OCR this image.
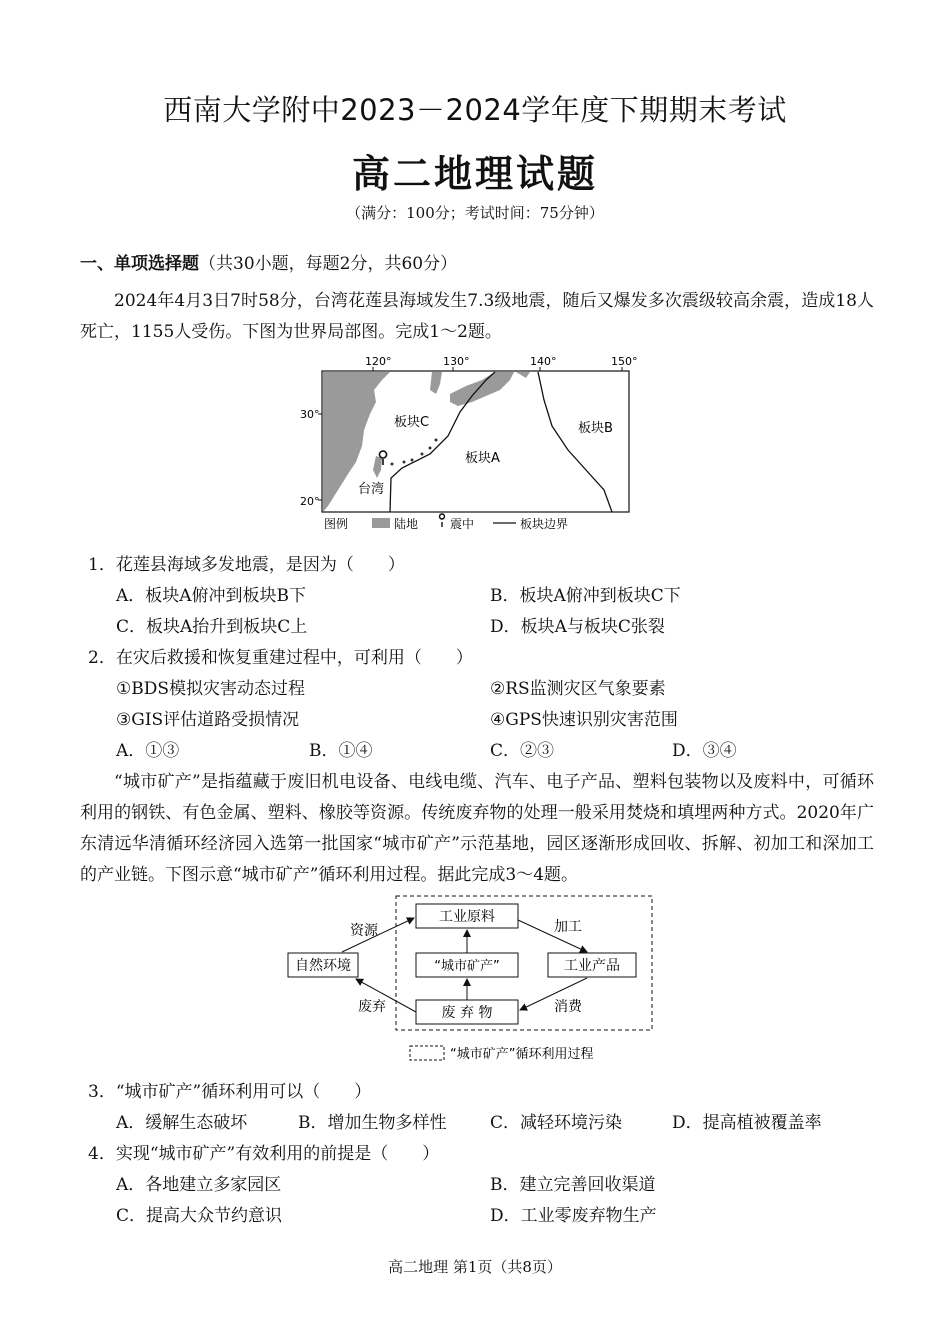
西南大学附中2023－2024学年度下期期末考试
高二地理试题
（满分：100分；考试时间：75分钟）
一、单项选择题（共30小题，每题2分，共60分）
2024年4月3日7时58分，台湾花莲县海域发生7.3级地震，随后又爆发多次震级较高余震，造成18人死亡，1155人受伤。下图为世界局部图。完成1～2题。
120°	130°	140°	150°
30°
20°
板块C	板块B
板块A
台湾
图例	陆地	震中	板块边界
1．花莲县海域多发地震，是因为（　　）
A．板块A俯冲到板块B下	B．板块A俯冲到板块C下
C．板块A抬升到板块C上	D．板块A与板块C张裂
2．在灾后救援和恢复重建过程中，可利用（　　）
①BDS模拟灾害动态过程	②RS监测灾区气象要素
③GIS评估道路受损情况	④GPS快速识别灾害范围
A．①③	B．①④	C．②③	D．③④
“城市矿产”是指蕴藏于废旧机电设备、电线电缆、汽车、电子产品、塑料包装物以及废料中，可循环利用的钢铁、有色金属、塑料、橡胶等资源。传统废弃物的处理一般采用焚烧和填埋两种方式。2020年广东清远华清循环经济园入选第一批国家“城市矿产”示范基地，园区逐渐形成回收、拆解、初加工和深加工的产业链。下图示意“城市矿产”循环利用过程。据此完成3～4题。
工业原料
“城市矿产”
废 弃 物
工业产品
自然环境
资源
废弃
加工
消费
“城市矿产”循环利用过程
3．“城市矿产”循环利用可以（　　）
A．缓解生态破坏	B．增加生物多样性	C．减轻环境污染	D．提高植被覆盖率
4．实现“城市矿产”有效利用的前提是（　　）
A．各地建立多家园区	B．建立完善回收渠道
C．提高大众节约意识	D．工业零废弃物生产
高二地理 第1页（共8页）
